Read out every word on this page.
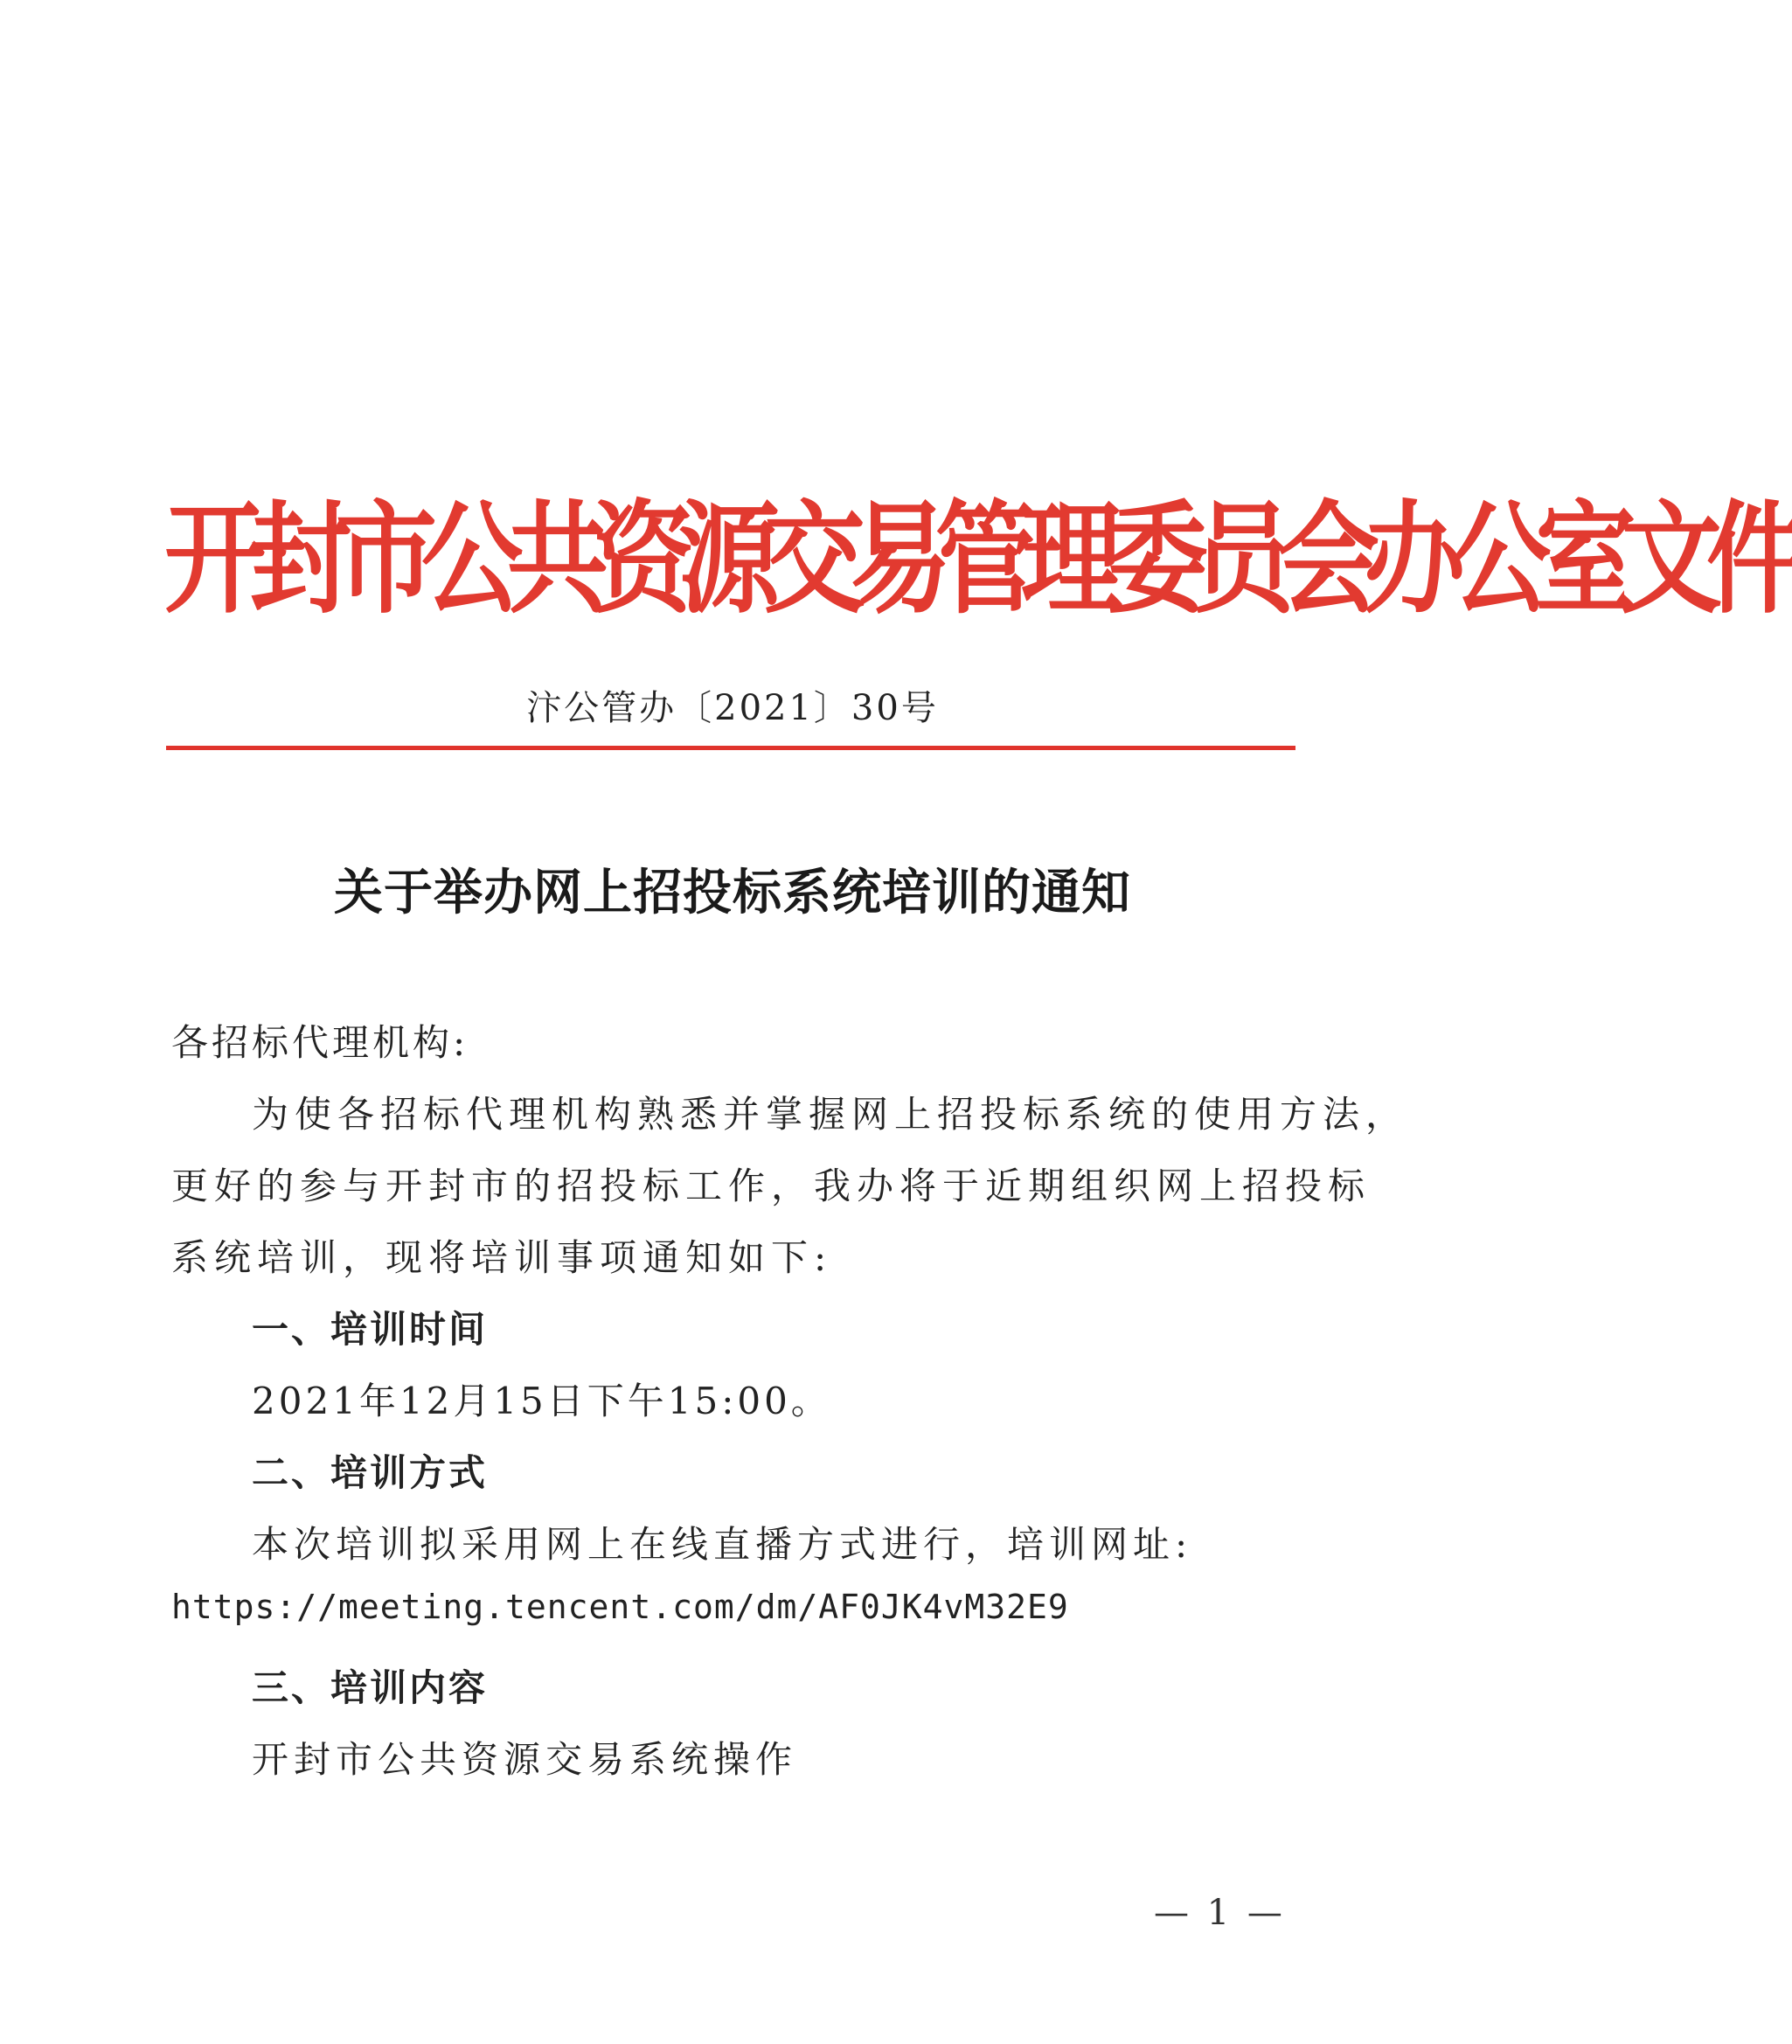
开封市公共资源交易管理委员会办公室文件
汴公管办〔2021〕30号
关于举办网上招投标系统培训的通知
各招标代理机构:
为使各招标代理机构熟悉并掌握网上招投标系统的使用方法，
更好的参与开封市的招投标工作，我办将于近期组织网上招投标
系统培训，现将培训事项通知如下:
一、培训时间
2021年12月15日下午15:00。
二、培训方式
本次培训拟采用网上在线直播方式进行，培训网址:
https://meeting.tencent.com/dm/AF0JK4vM32E9
三、培训内容
开封市公共资源交易系统操作
— 1 —
